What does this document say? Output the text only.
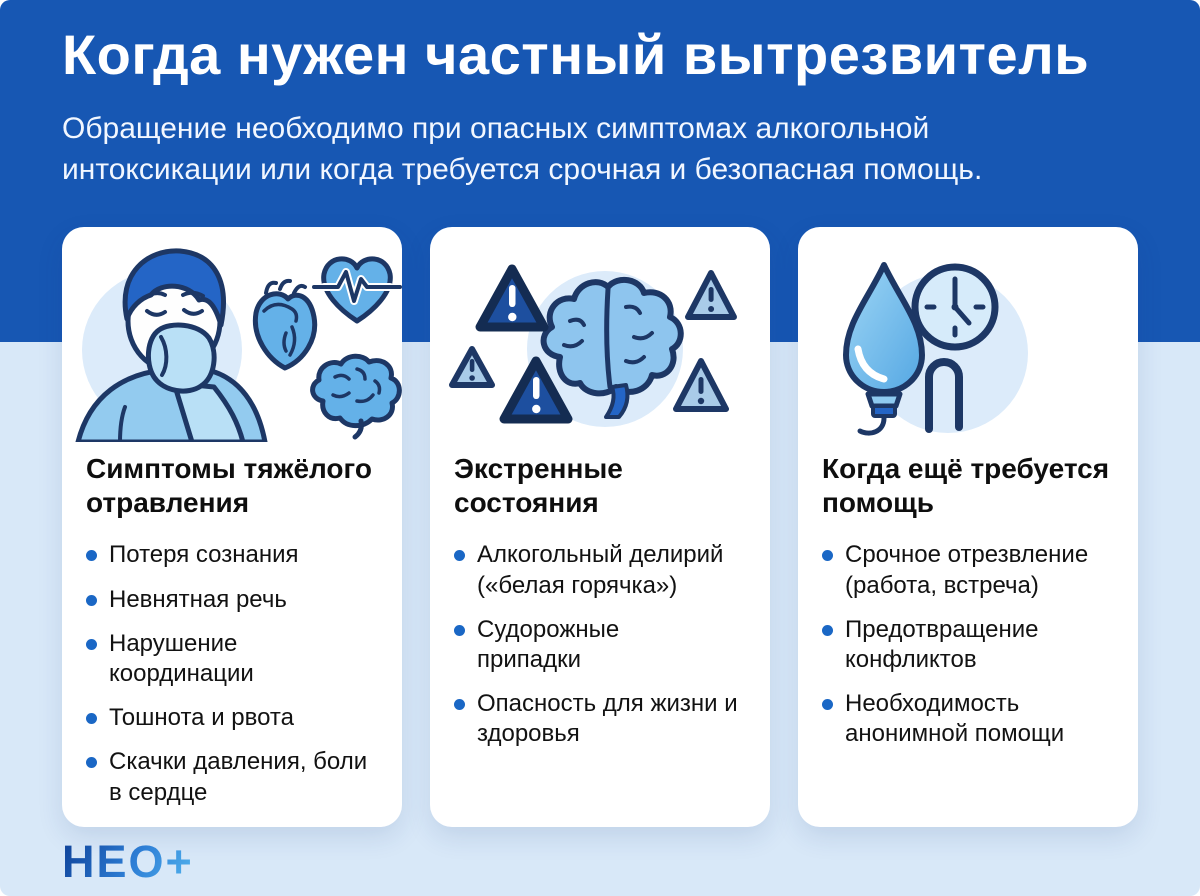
Когда нужен частный вытрезвитель

Обращение необходимо при опасных симптомах алкогольной интоксикации или когда требуется срочная и безопасная помощь.

Симптомы тяжёлого отравления
Потеря сознания
Невнятная речь
Нарушение координации
Тошнота и рвота
Скачки давления, боли в сердце
Экстренные состояния
Алкогольный делирий («белая горячка»)
Судорожные припадки
Опасность для жизни и здоровья
Когда ещё требуется помощь
Срочное отрезвление (работа, встреча)
Предотвращение конфликтов
Необходимость анонимной помощи
НЕО+
